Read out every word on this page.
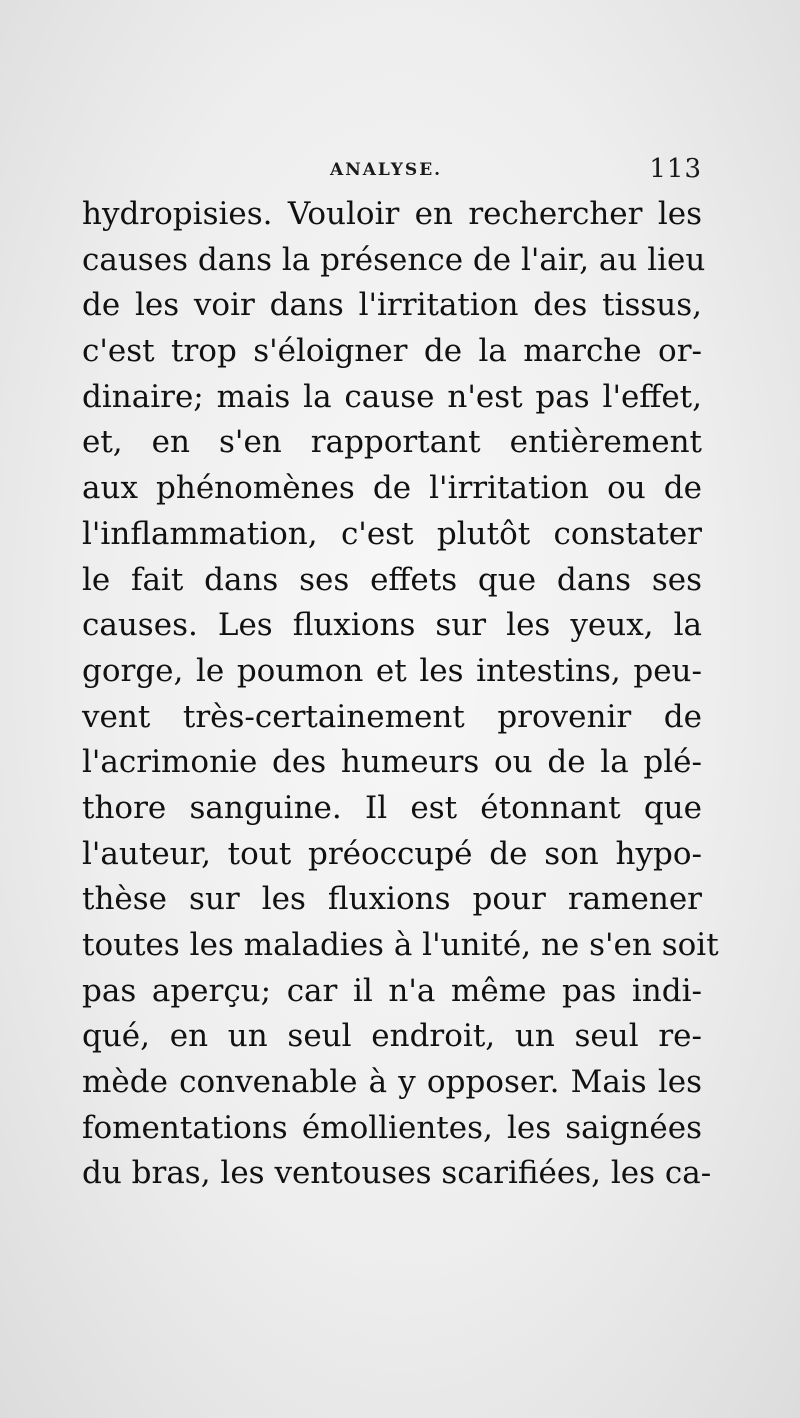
ANALYSE.	113
hydropisies. Vouloir en rechercher les
causes dans la présence de l'air, au lieu
de les voir dans l'irritation des tissus,
c'est trop s'éloigner de la marche or-
dinaire; mais la cause n'est pas l'effet,
et, en s'en rapportant entièrement
aux phénomènes de l'irritation ou de
l'inflammation, c'est plutôt constater
le fait dans ses effets que dans ses
causes. Les fluxions sur les yeux, la
gorge, le poumon et les intestins, peu-
vent très-certainement provenir de
l'acrimonie des humeurs ou de la plé-
thore sanguine. Il est étonnant que
l'auteur, tout préoccupé de son hypo-
thèse sur les fluxions pour ramener
toutes les maladies à l'unité, ne s'en soit
pas aperçu; car il n'a même pas indi-
qué, en un seul endroit, un seul re-
mède convenable à y opposer. Mais les
fomentations émollientes, les saignées
du bras, les ventouses scarifiées, les ca-
